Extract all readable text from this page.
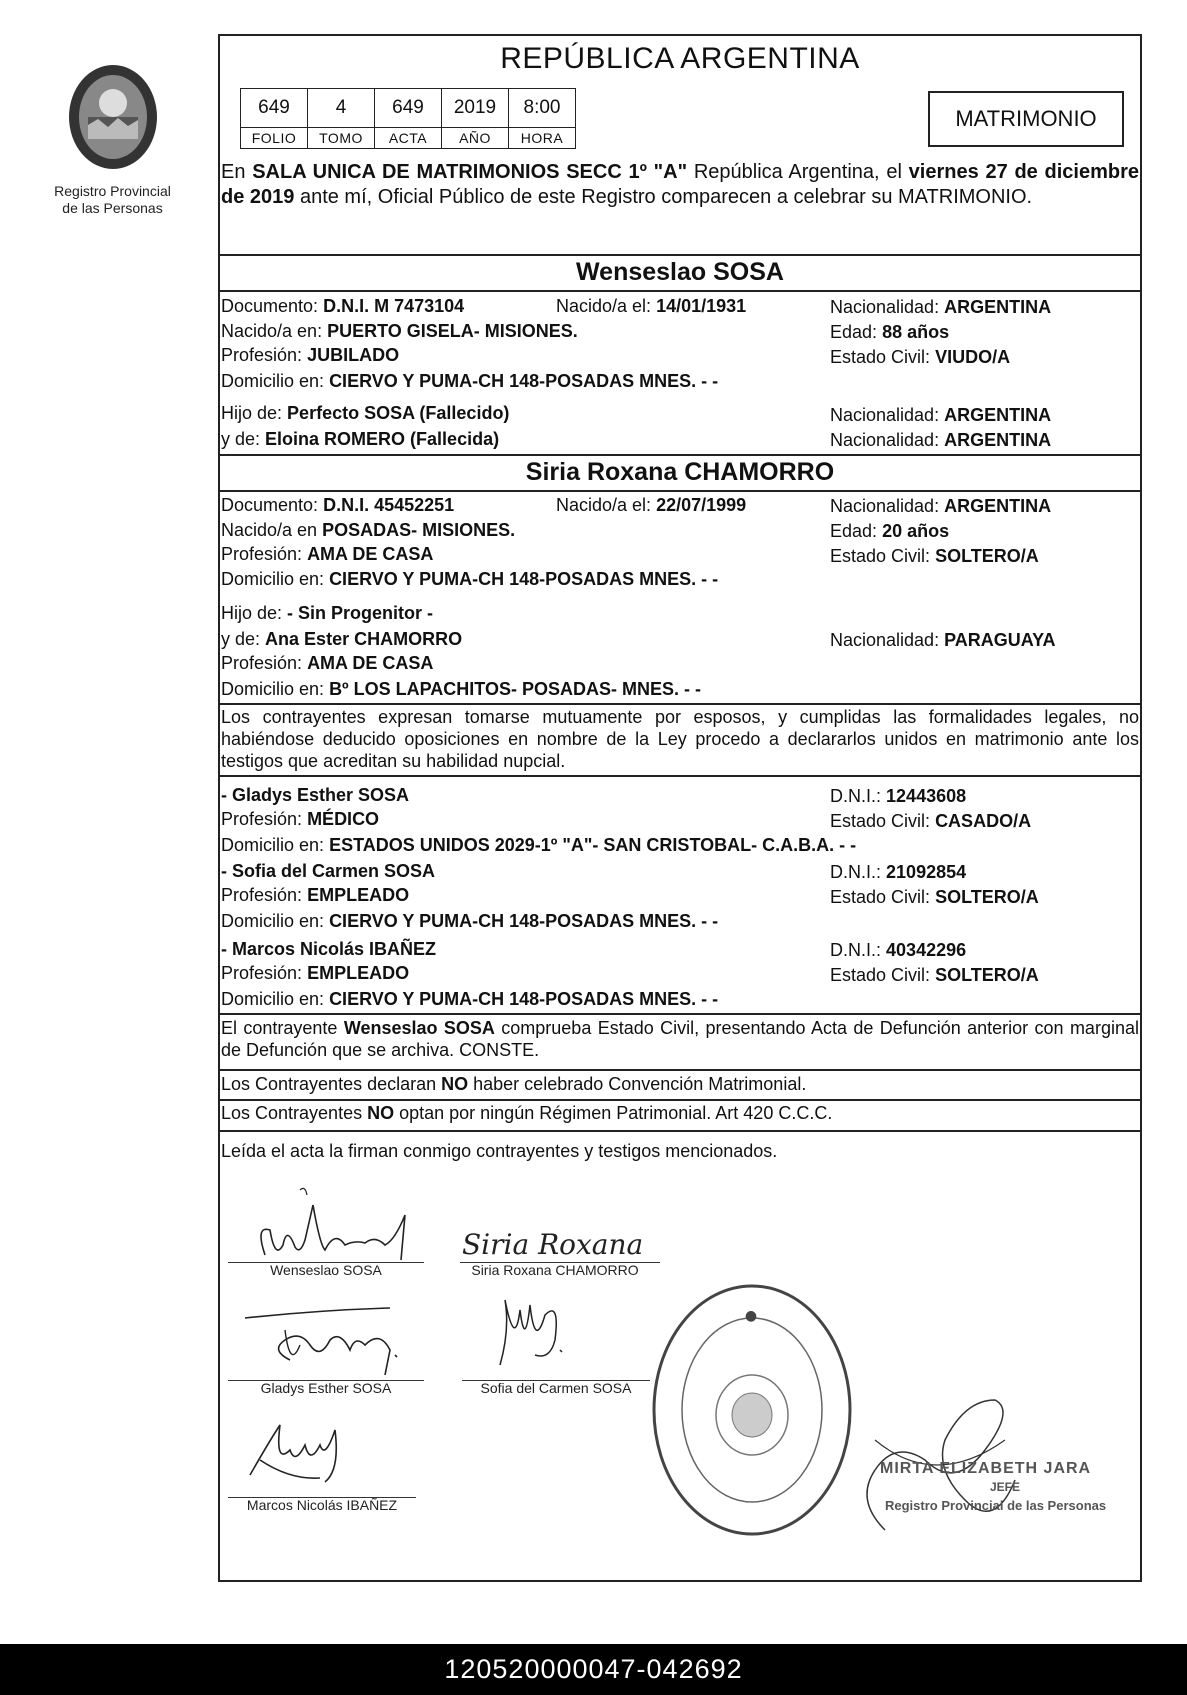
Registro Provincial
de las Personas
REPÚBLICA ARGENTINA
649	4	649	2019	8:00
FOLIO	TOMO	ACTA	AÑO	HORA
MATRIMONIO
En SALA UNICA DE MATRIMONIOS SECC 1º "A" República Argentina, el viernes 27 de diciembre de 2019 ante mí, Oficial Público de este Registro comparecen a celebrar su MATRIMONIO.
Wenseslao SOSA
Documento: D.N.I. M 7473104	Nacido/a el: 14/01/1931	Nacionalidad: ARGENTINA
Nacido/a en: PUERTO GISELA- MISIONES.	Edad: 88 años
Profesión: JUBILADO	Estado Civil: VIUDO/A
Domicilio en: CIERVO Y PUMA-CH 148-POSADAS MNES. - -
Hijo de: Perfecto SOSA (Fallecido)	Nacionalidad: ARGENTINA
y de: Eloina ROMERO (Fallecida)	Nacionalidad: ARGENTINA
Siria Roxana CHAMORRO
Documento: D.N.I. 45452251	Nacido/a el: 22/07/1999	Nacionalidad: ARGENTINA
Nacido/a en POSADAS- MISIONES.	Edad: 20 años
Profesión: AMA DE CASA	Estado Civil: SOLTERO/A
Domicilio en: CIERVO Y PUMA-CH 148-POSADAS MNES. - -
Hijo de: - Sin Progenitor -
y de: Ana Ester CHAMORRO	Nacionalidad: PARAGUAYA
Profesión: AMA DE CASA
Domicilio en: Bº LOS LAPACHITOS- POSADAS- MNES. - -
Los contrayentes expresan tomarse mutuamente por esposos, y cumplidas las formalidades legales, no habiéndose deducido oposiciones en nombre de la Ley procedo a declararlos unidos en matrimonio ante los testigos que acreditan su habilidad nupcial.
- Gladys Esther SOSA	D.N.I.: 12443608
Profesión: MÉDICO	Estado Civil: CASADO/A
Domicilio en: ESTADOS UNIDOS 2029-1º "A"- SAN CRISTOBAL- C.A.B.A. - -
- Sofia del Carmen SOSA	D.N.I.: 21092854
Profesión: EMPLEADO	Estado Civil: SOLTERO/A
Domicilio en: CIERVO Y PUMA-CH 148-POSADAS MNES. - -
- Marcos Nicolás IBAÑEZ	D.N.I.: 40342296
Profesión: EMPLEADO	Estado Civil: SOLTERO/A
Domicilio en: CIERVO Y PUMA-CH 148-POSADAS MNES. - -
El contrayente Wenseslao SOSA comprueba Estado Civil, presentando Acta de Defunción anterior con marginal de Defunción que se archiva. CONSTE.
Los Contrayentes declaran NO haber celebrado Convención Matrimonial.
Los Contrayentes NO optan por ningún Régimen Patrimonial. Art 420 C.C.C.
Leída el acta la firman conmigo contrayentes y testigos mencionados.
Wenseslao SOSA
Siria Roxana
Siria Roxana CHAMORRO
Gladys Esther SOSA	Sofia del Carmen SOSA
Marcos Nicolás IBAÑEZ
●
MIRTA ELIZABETH JARA
JEFE
Registro Provincial de las Personas
120520000047-042692
